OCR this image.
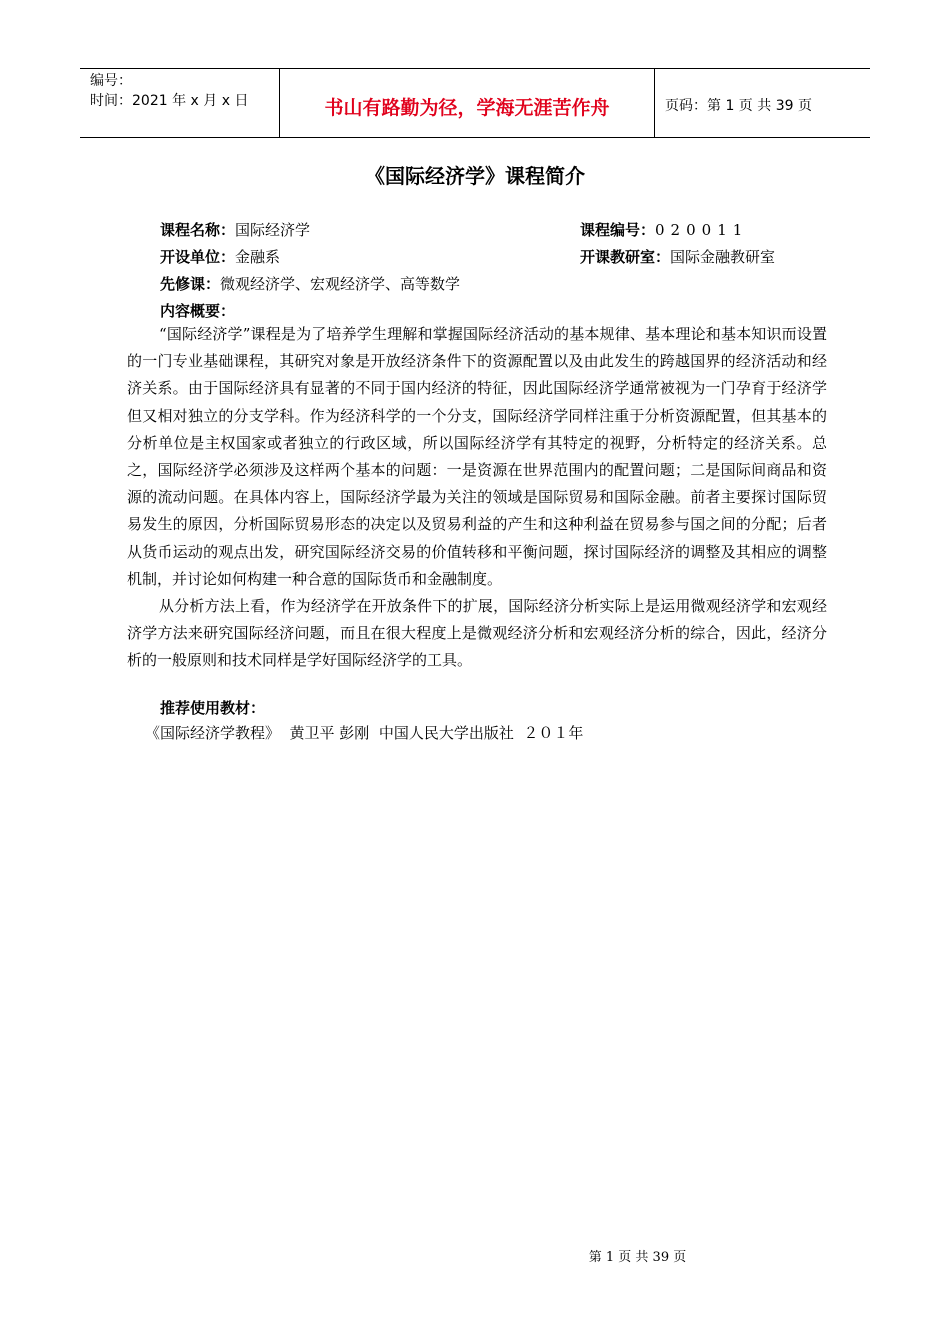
编号：
时间：2021 年 x 月 x 日	书山有路勤为径，学海无涯苦作舟	页码：第 1 页 共 39 页
《国际经济学》课程简介
课程名称：国际经济学	课程编号：020011
开设单位：金融系	开课教研室：国际金融教研室
先修课：微观经济学、宏观经济学、高等数学
内容概要：

“国际经济学”课程是为了培养学生理解和掌握国际经济活动的基本规律、基本理论和基本知识而设置的一门专业基础课程，其研究对象是开放经济条件下的资源配置以及由此发生的跨越国界的经济活动和经济关系。由于国际经济具有显著的不同于国内经济的特征，因此国际经济学通常被视为一门孕育于经济学但又相对独立的分支学科。作为经济科学的一个分支，国际经济学同样注重于分析资源配置，但其基本的分析单位是主权国家或者独立的行政区域，所以国际经济学有其特定的视野，分析特定的经济关系。总之，国际经济学必须涉及这样两个基本的问题：一是资源在世界范围内的配置问题；二是国际间商品和资源的流动问题。在具体内容上，国际经济学最为关注的领域是国际贸易和国际金融。前者主要探讨国际贸易发生的原因，分析国际贸易形态的决定以及贸易利益的产生和这种利益在贸易参与国之间的分配；后者从货币运动的观点出发，研究国际经济交易的价值转移和平衡问题，探讨国际经济的调整及其相应的调整机制，并讨论如何构建一种合意的国际货币和金融制度。

从分析方法上看，作为经济学在开放条件下的扩展，国际经济分析实际上是运用微观经济学和宏观经济学方法来研究国际经济问题，而且在很大程度上是微观经济分析和宏观经济分析的综合，因此，经济分析的一般原则和技术同样是学好国际经济学的工具。

推荐使用教材：
《国际经济学教程》  黄卫平 彭刚  中国人民大学出版社  ２０１年
第 1 页 共 39 页
